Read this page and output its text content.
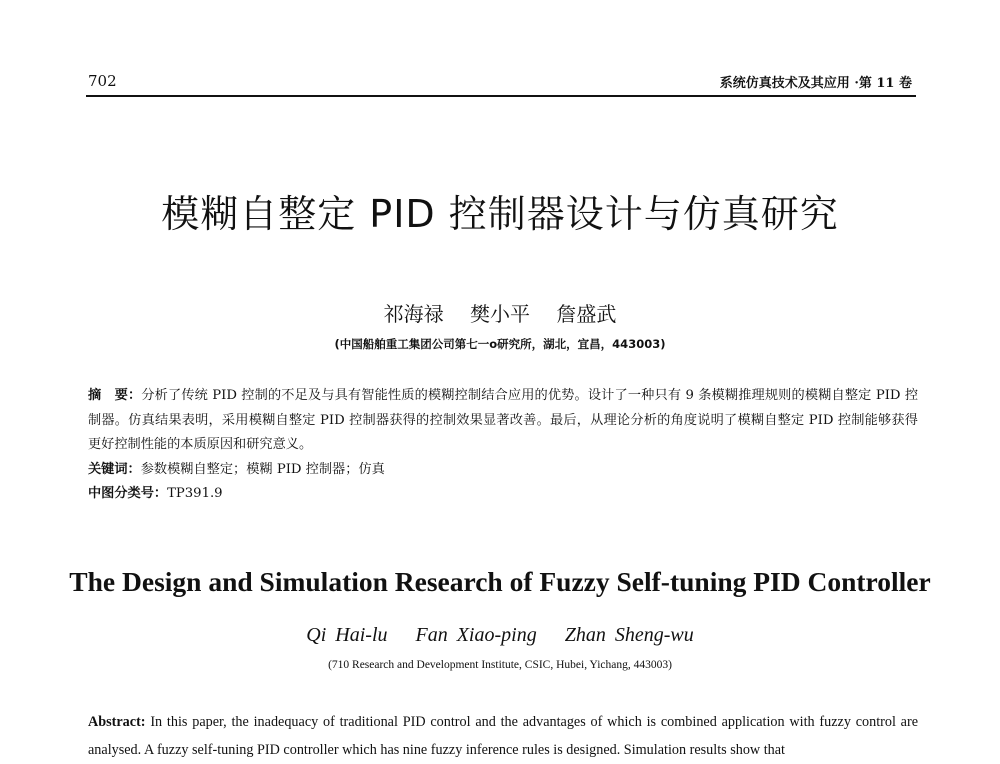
702	系统仿真技术及其应用 ·第 11 卷
模糊自整定 PID 控制器设计与仿真研究
祁海禄 樊小平 詹盛武
(中国船舶重工集团公司第七一o研究所，湖北，宜昌，443003)

摘　要：分析了传统 PID 控制的不足及与具有智能性质的模糊控制结合应用的优势。设计了一种只有 9 条模糊推理规则的模糊自整定 PID 控制器。仿真结果表明，采用模糊自整定 PID 控制器获得的控制效果显著改善。最后，从理论分析的角度说明了模糊自整定 PID 控制能够获得更好控制性能的本质原因和研究意义。

关键词：参数模糊自整定；模糊 PID 控制器；仿真

中图分类号：TP391.9

The Design and Simulation Research of Fuzzy Self-tuning PID Controller
Qi Hai-lu Fan Xiao-ping Zhan Sheng-wu
(710 Research and Development Institute, CSIC, Hubei, Yichang, 443003)
Abstract: In this paper, the inadequacy of traditional PID control and the advantages of which is combined application with fuzzy control are analysed. A fuzzy self-tuning PID controller which has nine fuzzy inference rules is designed. Simulation results show that
